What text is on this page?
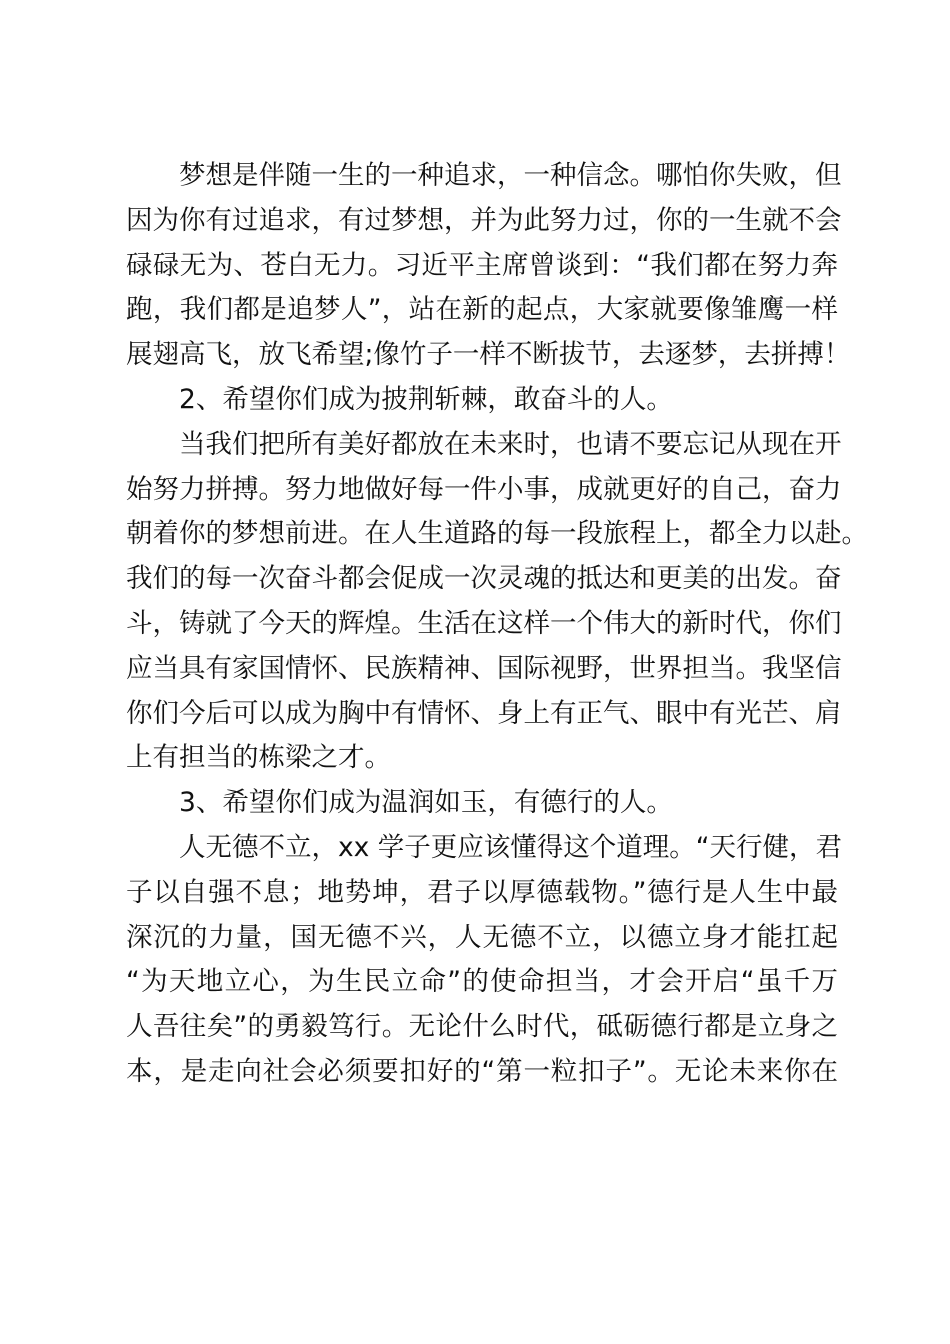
梦想是伴随一生的一种追求，一种信念。哪怕你失败，但
因为你有过追求，有过梦想，并为此努力过，你的一生就不会
碌碌无为、苍白无力。习近平主席曾谈到：“我们都在努力奔
跑，我们都是追梦人”，站在新的起点，大家就要像雏鹰一样
展翅高飞，放飞希望;像竹子一样不断拔节，去逐梦，去拼搏！
2、希望你们成为披荆斩棘，敢奋斗的人。
当我们把所有美好都放在未来时，也请不要忘记从现在开
始努力拼搏。努力地做好每一件小事，成就更好的自己，奋力
朝着你的梦想前进。在人生道路的每一段旅程上，都全力以赴。
我们的每一次奋斗都会促成一次灵魂的抵达和更美的出发。奋
斗，铸就了今天的辉煌。生活在这样一个伟大的新时代，你们
应当具有家国情怀、民族精神、国际视野，世界担当。我坚信
你们今后可以成为胸中有情怀、身上有正气、眼中有光芒、肩
上有担当的栋梁之才。
3、希望你们成为温润如玉，有德行的人。
人无德不立，xx 学子更应该懂得这个道理。“天行健，君
子以自强不息；地势坤，君子以厚德载物。”德行是人生中最
深沉的力量，国无德不兴，人无德不立，以德立身才能扛起
“为天地立心，为生民立命”的使命担当，才会开启“虽千万
人吾往矣”的勇毅笃行。无论什么时代，砥砺德行都是立身之
本，是走向社会必须要扣好的“第一粒扣子”。无论未来你在
